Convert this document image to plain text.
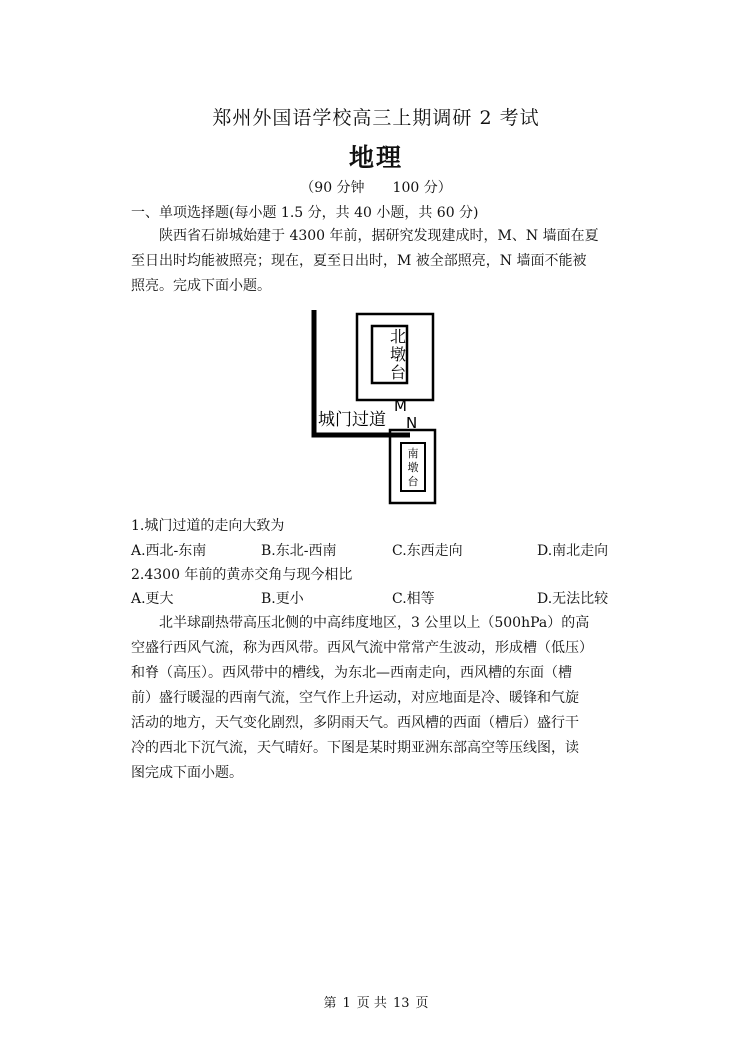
郑州外国语学校高三上期调研 2 考试
地理
（90 分钟 100 分）
一、单项选择题(每小题 1.5 分，共 40 小题，共 60 分)
陕西省石峁城始建于 4300 年前，据研究发现建成时，M、N 墙面在夏
至日出时均能被照亮；现在，夏至日出时，M 被全部照亮，N 墙面不能被
照亮。完成下面小题。
北
墩
台
南
墩
台
城门过道
M
N
1.城门过道的走向大致为
A.西北-东南	B.东北-西南	C.东西走向	D.南北走向
2.4300 年前的黄赤交角与现今相比
A.更大	B.更小	C.相等	D.无法比较
北半球副热带高压北侧的中高纬度地区，3 公里以上（500hPa）的高
空盛行西风气流，称为西风带。西风气流中常常产生波动，形成槽（低压）
和脊（高压）。西风带中的槽线，为东北—西南走向，西风槽的东面（槽
前）盛行暖湿的西南气流，空气作上升运动，对应地面是冷、暖锋和气旋
活动的地方，天气变化剧烈，多阴雨天气。西风槽的西面（槽后）盛行干
冷的西北下沉气流，天气晴好。下图是某时期亚洲东部高空等压线图，读
图完成下面小题。
第 1 页 共 13 页
